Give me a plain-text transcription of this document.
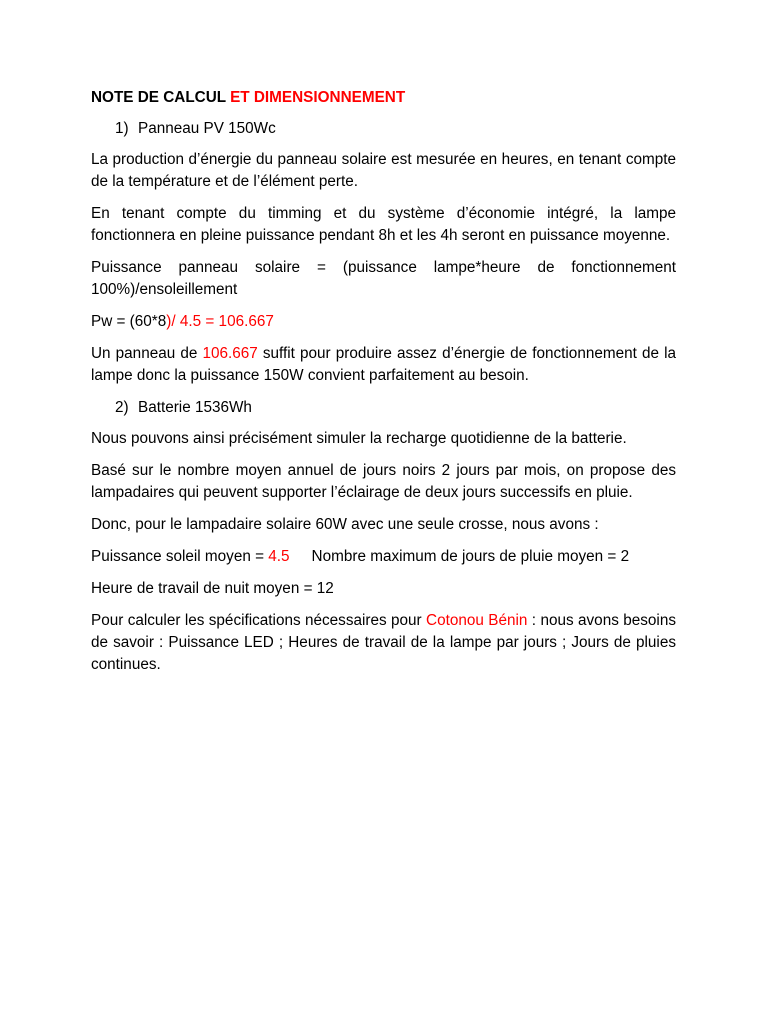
NOTE DE CALCUL ET DIMENSIONNEMENT
1) Panneau PV 150Wc

La production d’énergie du panneau solaire est mesurée en heures, en tenant compte de la température et de l’élément perte.

En tenant compte du timming et du système d’économie intégré, la lampe fonctionnera en pleine puissance pendant 8h et les 4h seront en puissance moyenne.

Puissance panneau solaire = (puissance lampe*heure de fonctionnement 100%)/ensoleillement

Pw = (60*8)/ 4.5 = 106.667

Un panneau de 106.667 suffit pour produire assez d’énergie de fonctionnement de la lampe donc la puissance 150W convient parfaitement au besoin.

2) Batterie 1536Wh

Nous pouvons ainsi précisément simuler la recharge quotidienne de la batterie.

Basé sur le nombre moyen annuel de jours noirs 2 jours par mois, on propose des lampadaires qui peuvent supporter l’éclairage de deux jours successifs en pluie.

Donc, pour le lampadaire solaire 60W avec une seule crosse, nous avons :

Puissance soleil moyen = 4.5 Nombre maximum de jours de pluie moyen = 2

Heure de travail de nuit moyen = 12

Pour calculer les spécifications nécessaires pour Cotonou Bénin : nous avons besoins de savoir : Puissance LED ; Heures de travail de la lampe par jours ; Jours de pluies continues.
